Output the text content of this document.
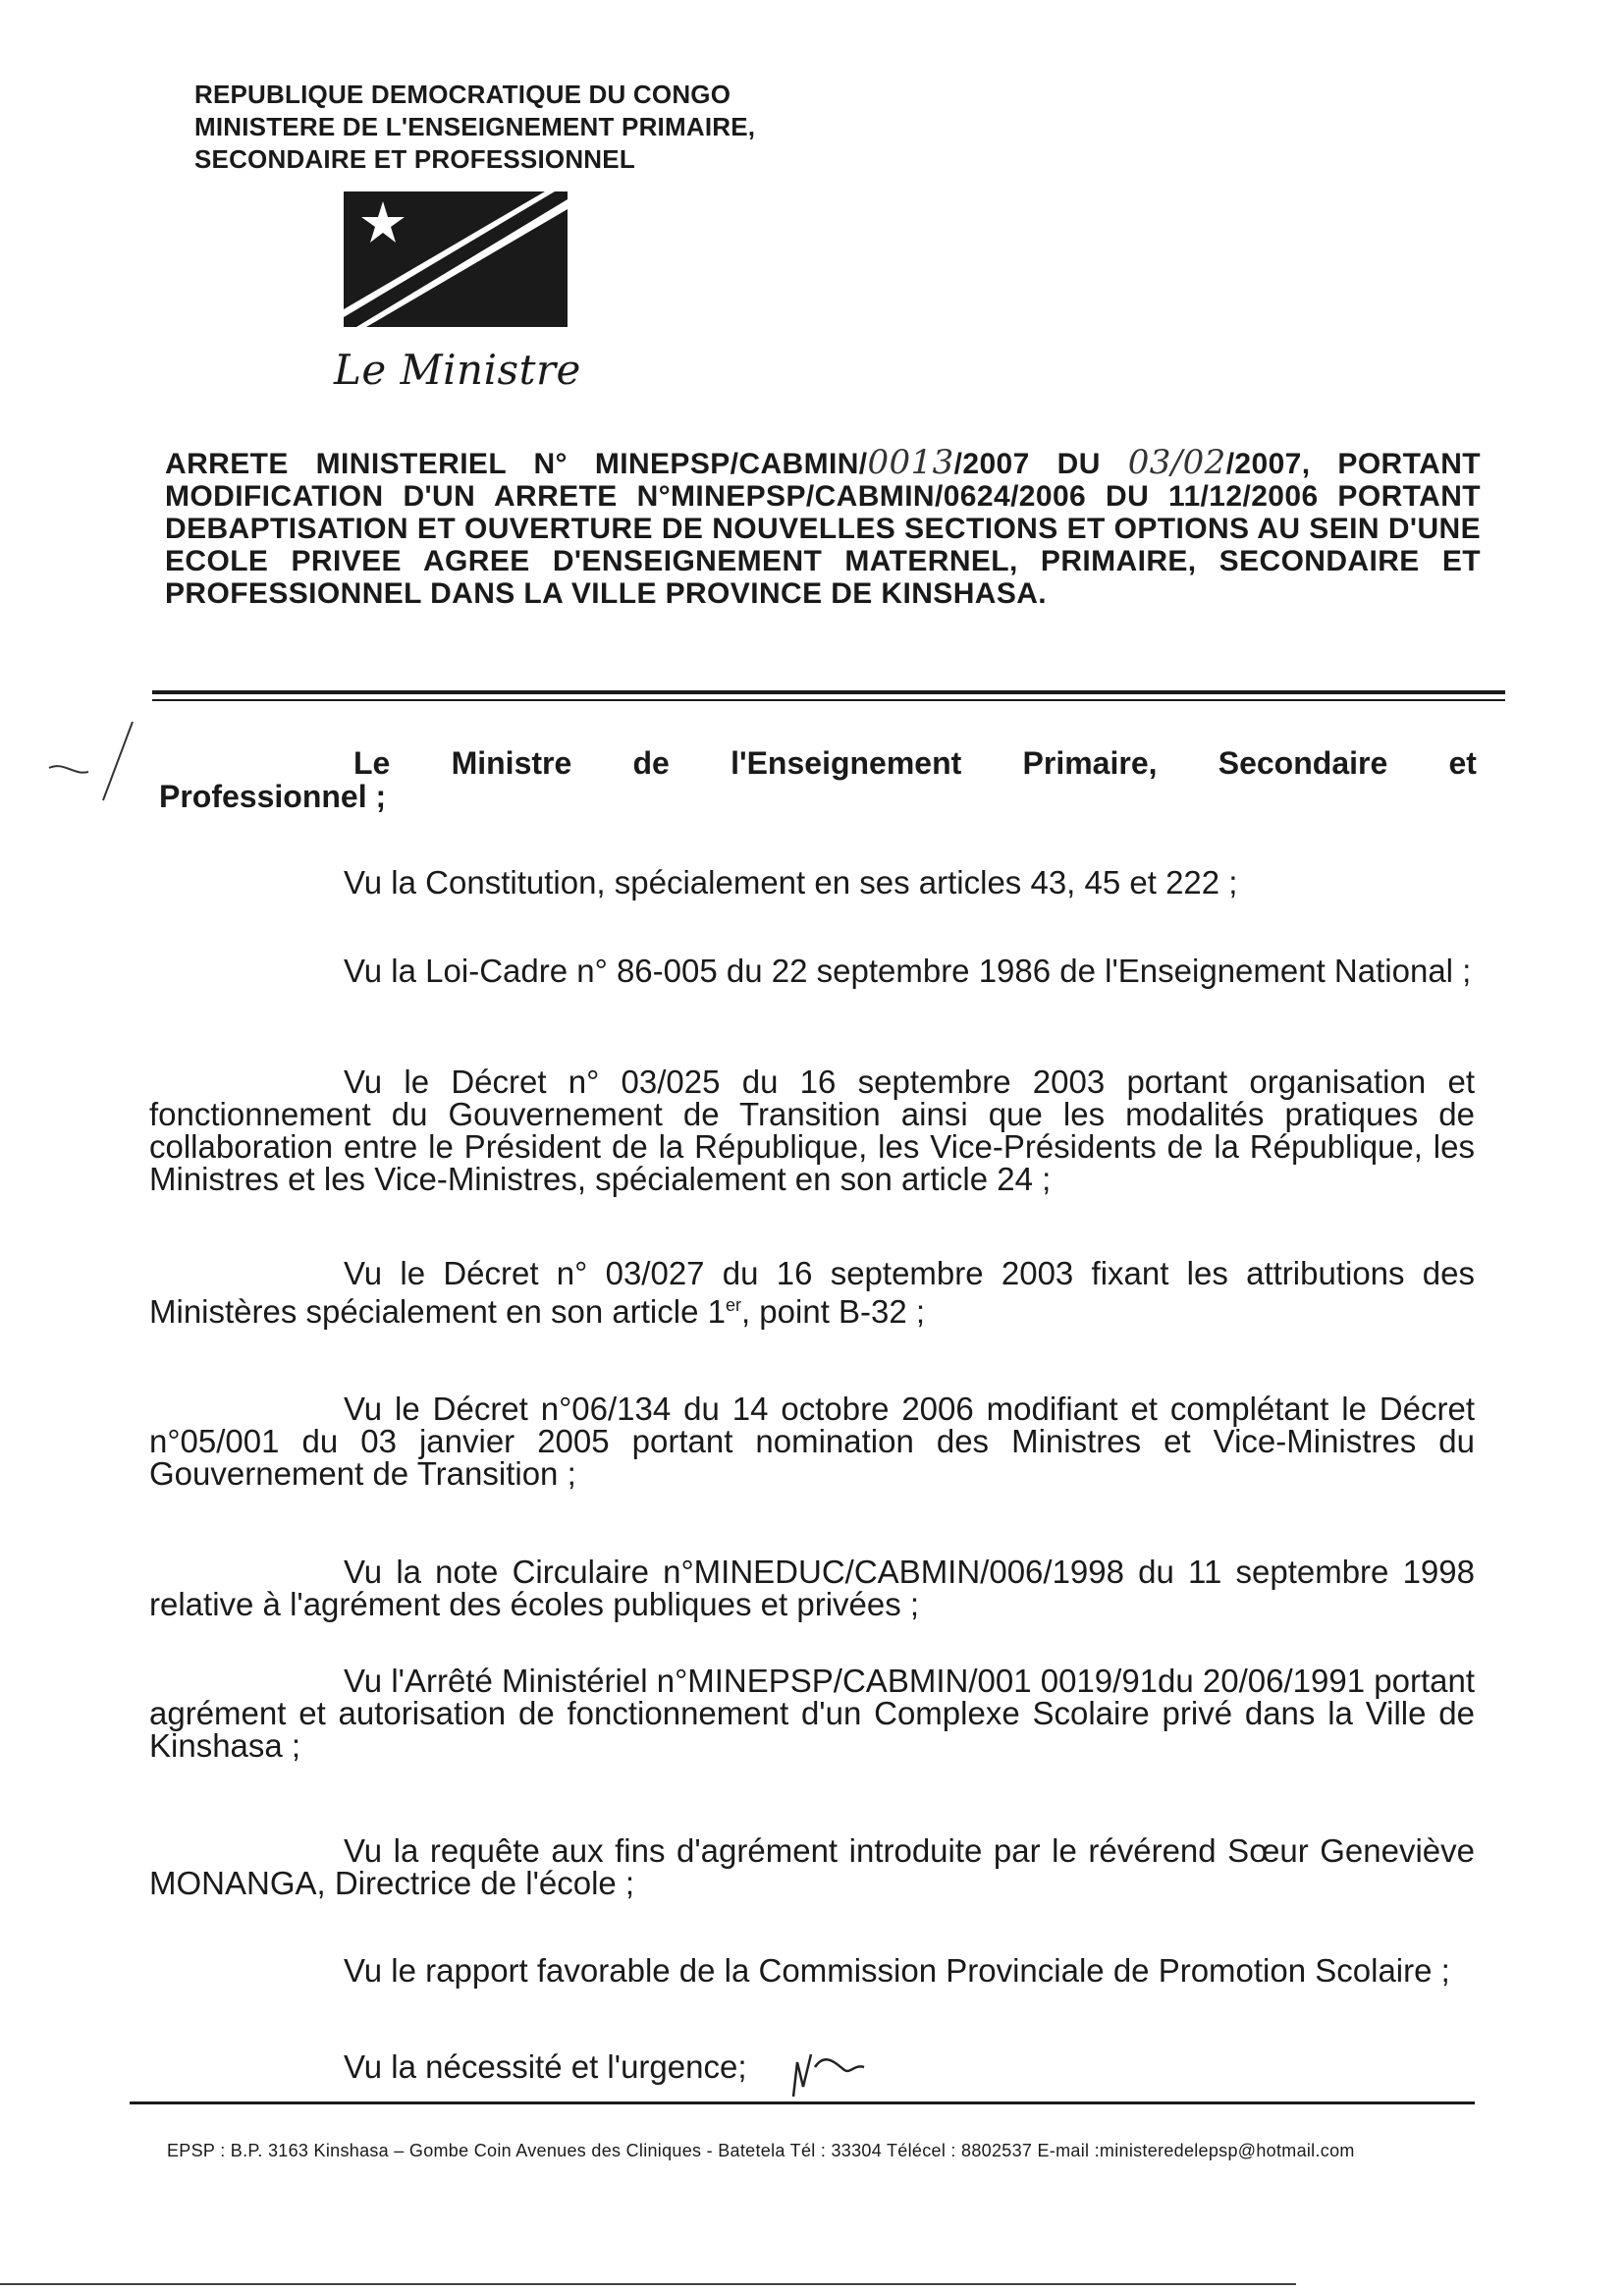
REPUBLIQUE DEMOCRATIQUE DU CONGO
MINISTERE DE L'ENSEIGNEMENT PRIMAIRE,
SECONDAIRE ET PROFESSIONNEL
Le Ministre
ARRETE MINISTERIEL N° MINEPSP/CABMIN/0013/2007 DU 03/02/2007, PORTANT MODIFICATION D'UN ARRETE N°MINEPSP/CABMIN/0624/2006 DU 11/12/2006 PORTANT DEBAPTISATION ET OUVERTURE DE NOUVELLES SECTIONS ET OPTIONS AU SEIN D'UNE ECOLE PRIVEE AGREE D'ENSEIGNEMENT MATERNEL, PRIMAIRE, SECONDAIRE ET PROFESSIONNEL DANS LA VILLE PROVINCE DE KINSHASA.
Le Ministre de l'Enseignement Primaire, Secondaire et
Professionnel ;

Vu la Constitution, spécialement en ses articles 43, 45 et 222 ;

Vu la Loi-Cadre n° 86-005 du 22 septembre 1986 de l'Enseignement National ;

Vu le Décret n° 03/025 du 16 septembre 2003 portant organisation et fonctionnement du Gouvernement de Transition ainsi que les modalités pratiques de collaboration entre le Président de la République, les Vice-Présidents de la République, les Ministres et les Vice-Ministres, spécialement en son article 24 ;

Vu le Décret n° 03/027 du 16 septembre 2003 fixant les attributions des Ministères spécialement en son article 1er, point B-32 ;

Vu le Décret n°06/134 du 14 octobre 2006 modifiant et complétant le Décret n°05/001 du 03 janvier 2005 portant nomination des Ministres et Vice-Ministres du Gouvernement de Transition ;

Vu la note Circulaire n°MINEDUC/CABMIN/006/1998 du 11 septembre 1998 relative à l'agrément des écoles publiques et privées ;

Vu l'Arrêté Ministériel n°MINEPSP/CABMIN/001 0019/91du 20/06/1991 portant agrément et autorisation de fonctionnement d'un Complexe Scolaire privé dans la Ville de Kinshasa ;

Vu la requête aux fins d'agrément introduite par le révérend Sœur Geneviève MONANGA, Directrice de l'école ;

Vu le rapport favorable de la Commission Provinciale de Promotion Scolaire ;

Vu la nécessité et l'urgence;

EPSP : B.P. 3163 Kinshasa – Gombe Coin Avenues des Cliniques - Batetela Tél : 33304 Télécel : 8802537 E-mail :ministeredelepsp@hotmail.com
